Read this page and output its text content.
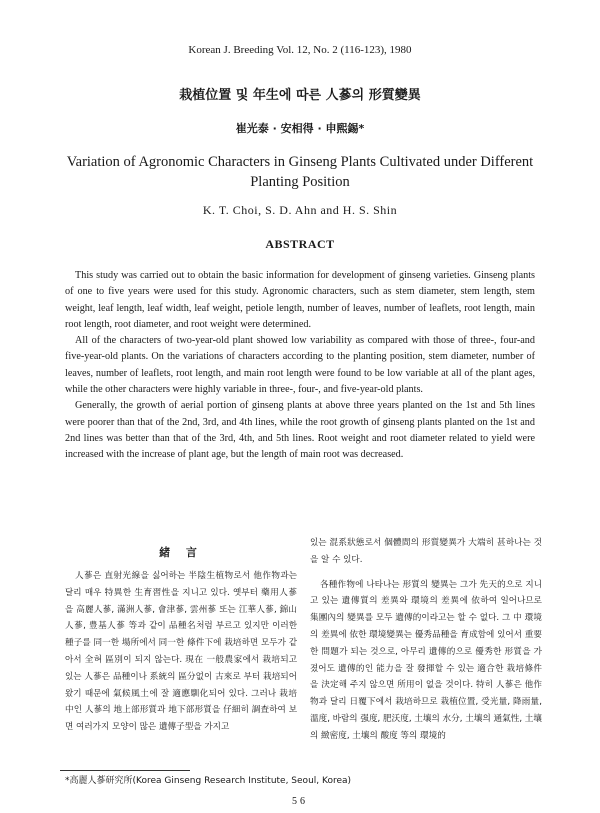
Korean J. Breeding Vol. 12, No. 2 (116-123), 1980
栽植位置 및 年生에 따른 人蔘의 形質變異
崔光泰 · 安相得 · 申熙錫*
Variation of Agronomic Characters in Ginseng Plants Cultivated under Different Planting Position
K. T. Choi, S. D. Ahn and H. S. Shin
ABSTRACT

This study was carried out to obtain the basic information for development of ginseng varieties. Ginseng plants of one to five years were used for this study. Agronomic characters, such as stem diameter, stem length, stem weight, leaf length, leaf width, leaf weight, petiole length, number of leaves, number of leaflets, root length, main root length, root diameter, and root weight were determined.

All of the characters of two-year-old plant showed low variability as compared with those of three-, four-and five-year-old plants. On the variations of characters according to the planting position, stem diameter, number of leaves, number of leaflets, root length, and main root length were found to be low variable at all of the plant ages, while the other characters were highly variable in three-, four-, and five-year-old plants.

Generally, the growth of aerial portion of ginseng plants at above three years planted on the 1st and 5th lines were poorer than that of the 2nd, 3rd, and 4th lines, while the root growth of ginseng plants planted on the 1st and 2nd lines was better than that of the 3rd, 4th, and 5th lines. Root weight and root diameter related to yield were increased with the increase of plant age, but the length of main root was decreased.

緒 言

人蔘은 直射光線을 싫어하는 半陰生植物로서 他作物과는 달리 매우 特異한 生育習性을 지니고 있다. 옛부터 藥用人蔘을 高麗人蔘, 滿洲人蔘, 會津蔘, 雲州蔘 또는 江華人蔘, 錦山人蔘, 豊基人蔘 等과 같이 品種名처럼 부르고 있지만 이러한 種子를 同一한 場所에서 同一한 條件下에 栽培하면 모두가 같아서 全혀 區別이 되지 않는다. 現在 一般農家에서 栽培되고 있는 人蔘은 品種이나 系統의 區分없이 古來로 부터 栽培되어 왔기 때문에 氣候風土에 잘 適應馴化되어 있다. 그러나 栽培中인 人蔘의 地上部形質과 地下部形質을 仔細히 調査하여 보면 여러가지 모양이 많은 遺傳子型을 가지고

있는 混系狀態로서 個體間의 形質變異가 大端히 甚하나는 것을 알 수 있다.

各種作物에 나타나는 形質의 變異는 그가 先天的으로 지니고 있는 遺傳質의 差異와 環境의 差異에 依하여 일어나므로 集團內의 變異를 모두 遺傳的이라고는 할 수 없다. 그 中 環境의 差異에 依한 環境變異는 優秀品種을 育成함에 있어서 重要한 問題가 되는 것으로, 아무리 遺傳的으로 優秀한 形質을 가졌어도 遺傳的인 能力을 잘 發揮할 수 있는 適合한 栽培條件을 決定해 주지 않으면 所用이 없을 것이다. 特히 人蔘은 他作物과 달리 日覆下에서 栽培하므로 栽植位置, 受光量, 降雨量, 溫度, 바람의 强度, 肥沃度, 土壤의 水分, 土壤의 通氣性, 土壤의 緻密度, 土壤의 酸度 等의 環境的

*高麗人蔘研究所(Korea Ginseng Research Institute, Seoul, Korea)
56
